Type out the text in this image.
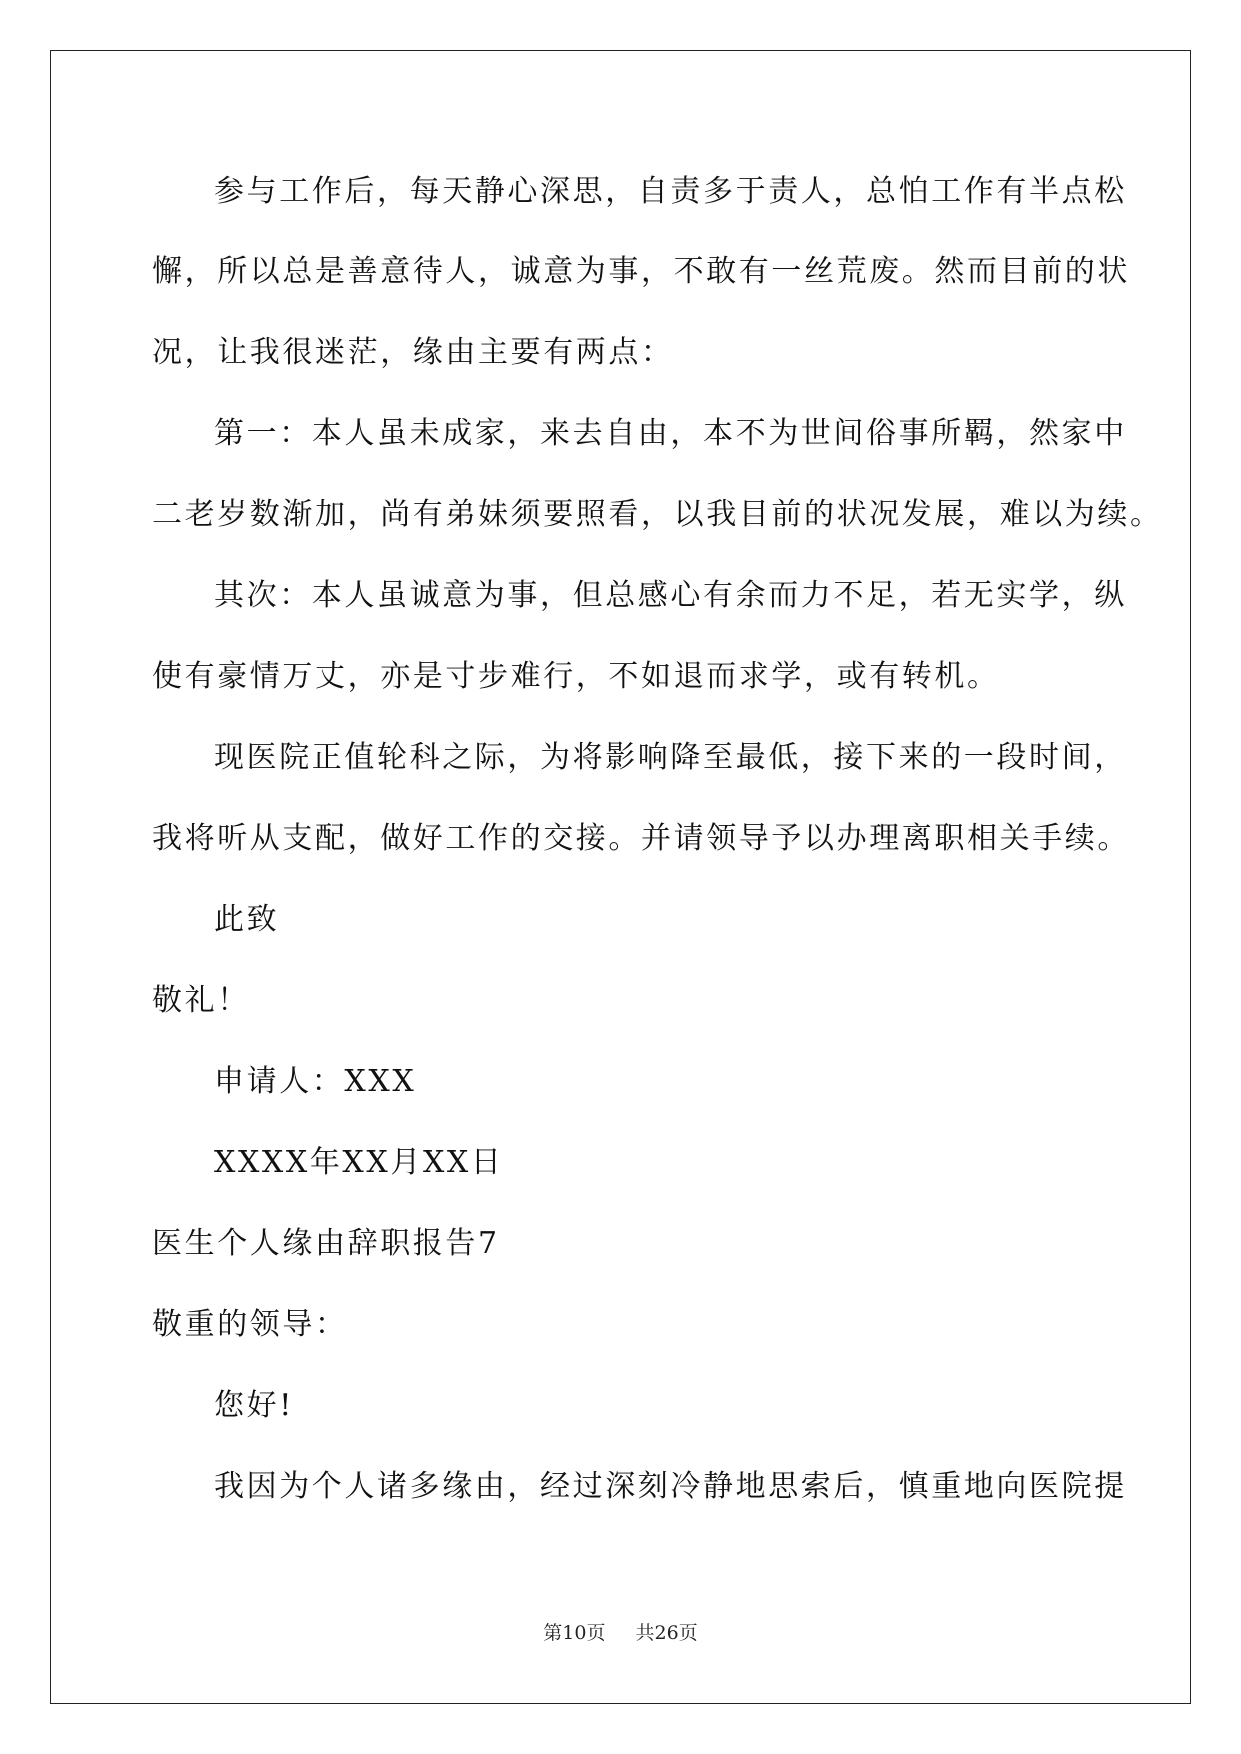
参与工作后，每天静心深思，自责多于责人，总怕工作有半点松
懈，所以总是善意待人，诚意为事，不敢有一丝荒废。然而目前的状
况，让我很迷茫，缘由主要有两点：
第一：本人虽未成家，来去自由，本不为世间俗事所羁，然家中
二老岁数渐加，尚有弟妹须要照看，以我目前的状况发展，难以为续。
其次：本人虽诚意为事，但总感心有余而力不足，若无实学，纵
使有豪情万丈，亦是寸步难行，不如退而求学，或有转机。
现医院正值轮科之际，为将影响降至最低，接下来的一段时间，
我将听从支配，做好工作的交接。并请领导予以办理离职相关手续。
此致
敬礼！
申请人：XXX
XXXX年XX月XX日
医生个人缘由辞职报告7
敬重的领导：
您好!
我因为个人诸多缘由，经过深刻冷静地思索后，慎重地向医院提
第10页 共26页
